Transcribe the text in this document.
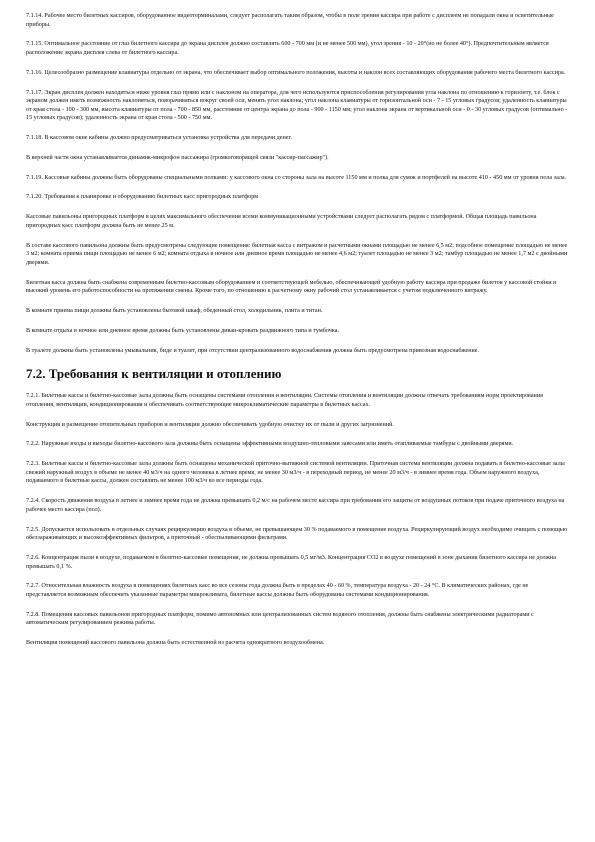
7.1.14. Рабочее место билетных кассиров, оборудованное видеотерминалами, следует располагать таким образом, чтобы в поле зрения кассира при работе с дисплеем не попадали окна и осветительные приборы.

7.1.15. Оптимальное расстояние от глаз билетного кассира до экрана дисплея должно составлять 600 - 700 мм (и не менее 500 мм), угол зрения - 10 - 20°(но не более 40°). Предпочтительным является расположение экрана дисплея слева от билетного кассира.

7.1.16. Целесообразно размещение клавиатуры отдельно от экрана, что обеспечивает выбор оптимального положения, высоты и наклон всех составляющих оборудования рабочего места билетного кассира.

7.1.17. Экран дисплея должен находиться ниже уровня глаз прямо или с наклоном на оператора, для чего используются приспособления регулирования угла наклона по отношению к горизонту, т.е. блок с экраном должен иметь возможность наклоняться, поворачиваться вокруг своей оси, менять угол наклона; угол наклона клавиатуры от горизонтальной оси - 7 - 15 угловых градусов; удаленность клавиатуры от края стола - 100 - 300 мм, высота клавиатуры от пола - 700 - 850 мм, расстояние от центра экрана до пола - 900 - 1150 мм; угол наклона экрана от вертикальной оси - 0 - 30 угловых градусов (оптимально - 15 угловых градусов); удаленность экрана от края стола - 500 - 750 мм.

7.1.18. В кассовом окне кабины должно предусматриваться установка устройства для передачи денег.

В верхней части окна устанавливается динамик-микрофон пассажира (громкоговорящей связи "кассир-пассажир").

7.1.19. Кассовые кабины должны быть оборудованы специальными полками: у кассового окна со стороны зала на высоте 1150 мм и полка для сумок и портфелей на высоте 410 - 450 мм от уровня пола зала.

7.1.20. Требования к планировке и оборудованию билетных касс пригородных платформ

Кассовые павильоны пригородных платформ в целях максимального обеспечения всеми коммуникационными устройствами следует располагать рядом с платформой. Общая площадь павильона пригородных касс платформ должна быть не менее 25 м.

В составе кассового павильона должны быть предусмотрены следующие помещения: билетная касса с витражом и расчетными окнами площадью не менее 6,5 м2; подсобное помещение площадью не менее 3 м2; комната приема пищи площадью не менее 6 м2; комната отдыха в ночное или дневное время площадью не менее 4,6 м2; туалет площадью не менее 3 м2; тамбур площадью не менее 1,7 м2 с двойными дверями.

Билетная касса должна быть снабжена современным билетно-кассовым оборудованием и соответствующей мебелью, обеспечивающей удобную работу кассира при продаже билетов у кассовой стойки и высокий уровень его работоспособности на протяжении смены. Кроме того, по отношению к расчетному окну рабочий стол устанавливается с учетом подключенного витражу.

В комнате приема пищи должны быть установлены бытовой шкаф, обеденный стол, холодильник, плита и титан.

В комнате отдыха в ночное или дневное время должны быть установлены диван-кровать раздвижного типа и тумбочка.

В туалете должны быть установлены умывальник, биде и туалет, при отсутствии централизованного водоснабжения должна быть предусмотрена привозная водоснабжение.

7.2. Требования к вентиляции и отоплению

7.2.1. Билетные кассы и билетно-кассовые залы должны быть оснащены системами отопления и вентиляции. Системы отопления и вентиляции должны отвечать требованиям норм проектирования отопления, вентиляции, кондиционирования и обеспечивать соответствующие микроклиматические параметры в билетных кассах.

Конструкция и размещение отопительных приборов и вентиляции должно обеспечивать удобную очистку их от пыли и других загрязнений.

7.2.2. Наружные входы и выходы билетно-кассового зала должны быть оснащены эффективными воздушно-тепловыми завесами или иметь отапливаемые тамбуры с двойными дверями.

7.2.3. Билетные кассы и билетно-кассовые залы должны быть оснащены механической приточно-вытяжной системой вентиляции. Приточная система вентиляции должна подавать в билетно-кассовые залы свежий наружный воздух в объеме не менее 40 м3/ч на одного человека в летнее время, не менее 30 м3/ч - в переходный период, не менее 20 м3/ч - в зимнее время года. Объем наружного воздуха, подаваемого в билетные кассы, должен составлять не менее 100 м3/ч во все периоды года.

7.2.4. Скорость движения воздуха в летнее и зимнее время года не должна превышать 0,2 м/с на рабочем месте кассира при требовании его защиты от воздушных потоков при подаче приточного воздуха на рабочее место кассира (пол).

7.2.5. Допускается использовать в отдельных случаях рециркуляцию воздуха в объеме, не превышающем 30 % подаваемого в помещение воздуха. Рециркулирующий воздух необходимо очищать с помощью обеззараживающих и высокоэффективных фильтров, а приточный - обеспыливающими фильтрами.

7.2.6. Концентрация пыли в воздухе, подаваемом в билетно-кассовые помещения, не должна превышать 0,5 мг/м3. Концентрация CO2 в воздухе помещений в зоне дыхания билетного кассира не должна превышать 0,1 %.

7.2.7. Относительная влажность воздуха в помещениях билетных касс во все сезоны года должна быть в пределах 40 - 60 %, температура воздуха - 20 - 24 °С. В климатических районах, где не представляется возможным обеспечить указанные параметры микроклимата, билетные кассы должны быть оборудованы системами кондиционирования.

7.2.8. Помещения кассовых павильонов пригородных платформ, помимо автономных или централизованных систем водяного отопления, должны быть снабжены электрическими радиаторами с автоматическим регулированием режима работы.

Вентиляция помещений кассового павильона должна быть естественной из расчета однократного воздухообмена.
